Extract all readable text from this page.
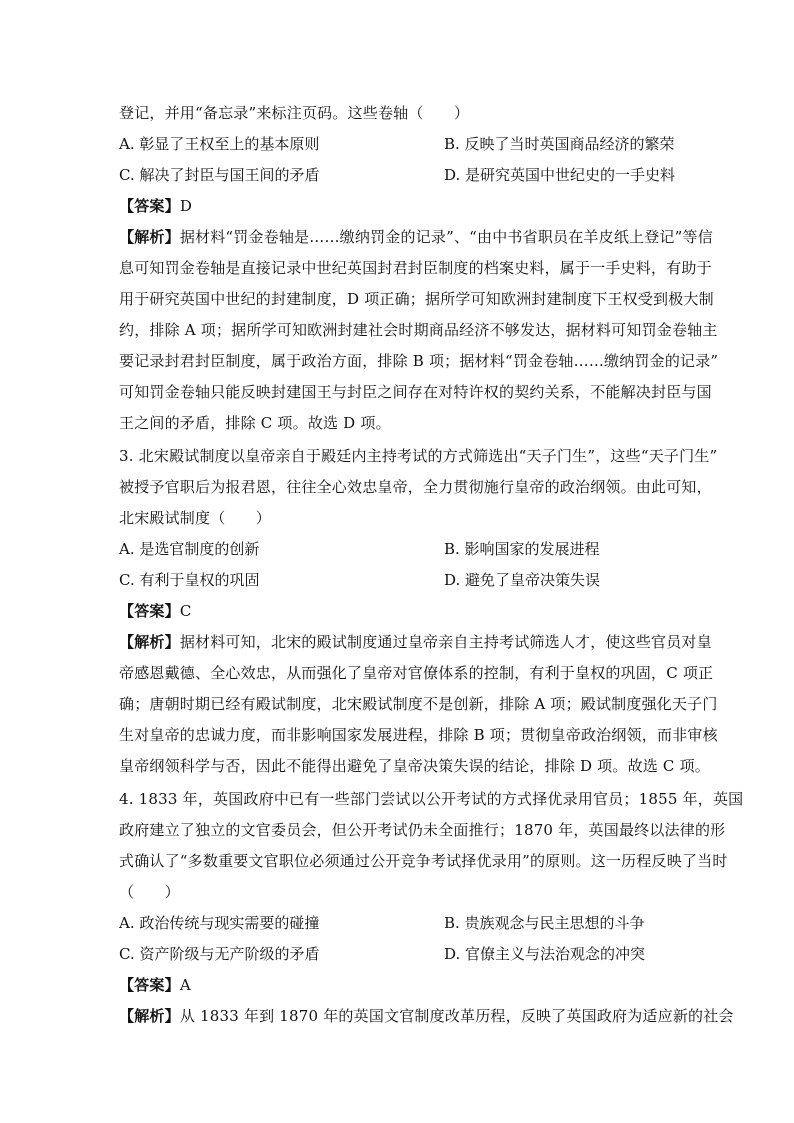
登记，并用“备忘录”来标注页码。这些卷轴（　　）
A. 彰显了王权至上的基本原则	B. 反映了当时英国商品经济的繁荣
C. 解决了封臣与国王间的矛盾	D. 是研究英国中世纪史的一手史料
【答案】D
【解析】据材料“罚金卷轴是……缴纳罚金的记录”、“由中书省职员在羊皮纸上登记”等信
息可知罚金卷轴是直接记录中世纪英国封君封臣制度的档案史料，属于一手史料，有助于
用于研究英国中世纪的封建制度，D 项正确；据所学可知欧洲封建制度下王权受到极大制
约，排除 A 项；据所学可知欧洲封建社会时期商品经济不够发达，据材料可知罚金卷轴主
要记录封君封臣制度，属于政治方面，排除 B 项；据材料“罚金卷轴……缴纳罚金的记录”
可知罚金卷轴只能反映封建国王与封臣之间存在对特许权的契约关系，不能解决封臣与国
王之间的矛盾，排除 C 项。故选 D 项。
3. 北宋殿试制度以皇帝亲自于殿廷内主持考试的方式筛选出“天子门生”，这些“天子门生”
被授予官职后为报君恩，往往全心效忠皇帝，全力贯彻施行皇帝的政治纲领。由此可知，
北宋殿试制度（　　）
A. 是选官制度的创新	B. 影响国家的发展进程
C. 有利于皇权的巩固	D. 避免了皇帝决策失误
【答案】C
【解析】据材料可知，北宋的殿试制度通过皇帝亲自主持考试筛选人才，使这些官员对皇
帝感恩戴德、全心效忠，从而强化了皇帝对官僚体系的控制，有利于皇权的巩固，C 项正
确；唐朝时期已经有殿试制度，北宋殿试制度不是创新，排除 A 项；殿试制度强化天子门
生对皇帝的忠诚力度，而非影响国家发展进程，排除 B 项；贯彻皇帝政治纲领，而非审核
皇帝纲领科学与否，因此不能得出避免了皇帝决策失误的结论，排除 D 项。故选 C 项。
4. 1833 年，英国政府中已有一些部门尝试以公开考试的方式择优录用官员；1855 年，英国
政府建立了独立的文官委员会，但公开考试仍未全面推行；1870 年，英国最终以法律的形
式确认了“多数重要文官职位必须通过公开竞争考试择优录用”的原则。这一历程反映了当时
（　　）
A. 政治传统与现实需要的碰撞	B. 贵族观念与民主思想的斗争
C. 资产阶级与无产阶级的矛盾	D. 官僚主义与法治观念的冲突
【答案】A
【解析】从 1833 年到 1870 年的英国文官制度改革历程，反映了英国政府为适应新的社会
